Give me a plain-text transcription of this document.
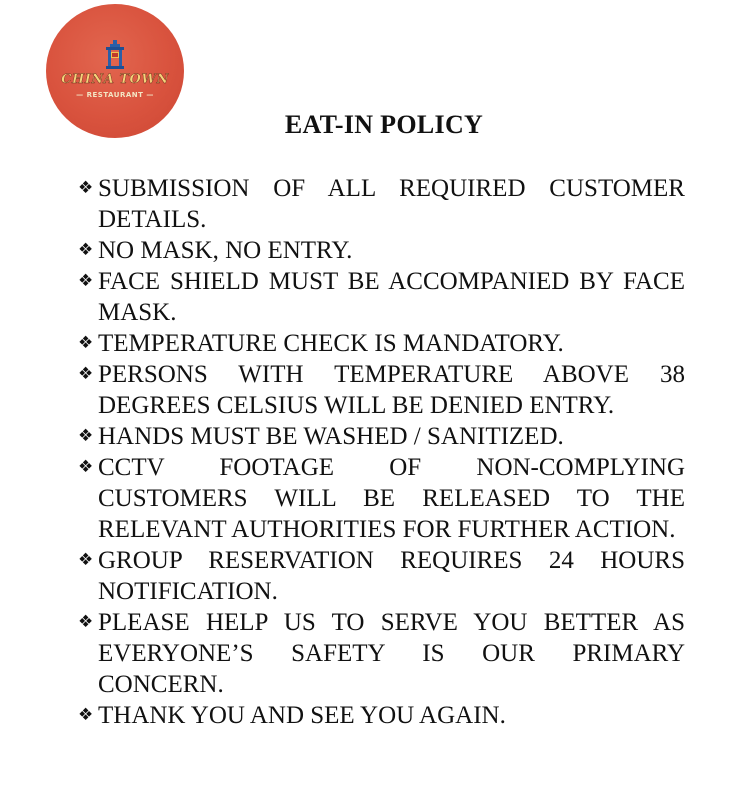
CHINA TOWN
— RESTAURANT —
EAT-IN POLICY
❖ SUBMISSION OF ALL REQUIRED CUSTOMER DETAILS.
❖ NO MASK, NO ENTRY.
❖ FACE SHIELD MUST BE ACCOMPANIED BY FACE MASK.
❖ TEMPERATURE CHECK IS MANDATORY.
❖ PERSONS WITH TEMPERATURE ABOVE 38 DEGREES CELSIUS WILL BE DENIED ENTRY.
❖ HANDS MUST BE WASHED / SANITIZED.
❖ CCTV FOOTAGE OF NON-COMPLYING CUSTOMERS WILL BE RELEASED TO THE RELEVANT AUTHORITIES FOR FURTHER ACTION.
❖ GROUP RESERVATION REQUIRES 24 HOURS NOTIFICATION.
❖ PLEASE HELP US TO SERVE YOU BETTER AS EVERYONE’S SAFETY IS OUR PRIMARY CONCERN.
❖ THANK YOU AND SEE YOU AGAIN.
